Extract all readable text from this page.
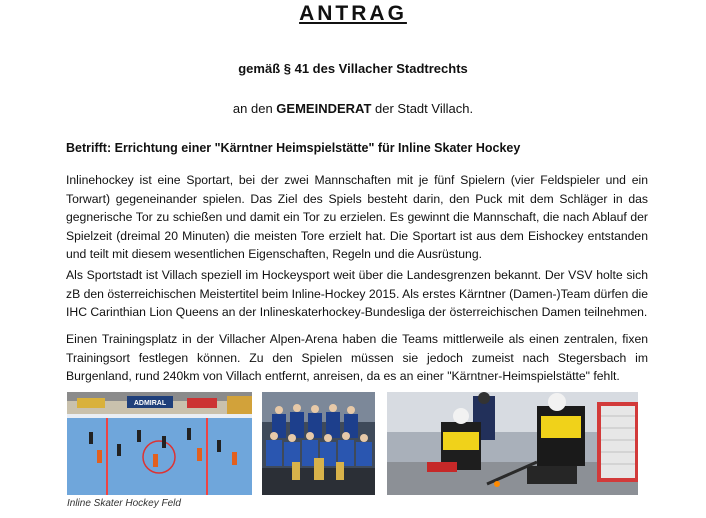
ANTRAG
gemäß § 41 des Villacher Stadtrechts
an den GEMEINDERAT der Stadt Villach.
Betrifft: Errichtung einer "Kärntner Heimspielstätte" für Inline Skater Hockey

Inlinehockey ist eine Sportart, bei der zwei Mannschaften mit je fünf Spielern (vier Feldspieler und ein Torwart) gegeneinander spielen. Das Ziel des Spiels besteht darin, den Puck mit dem Schläger in das gegnerische Tor zu schießen und damit ein Tor zu erzielen. Es gewinnt die Mannschaft, die nach Ablauf der Spielzeit (dreimal 20 Minuten) die meisten Tore erzielt hat. Die Sportart ist aus dem Eishockey entstanden und teilt mit diesem wesentlichen Eigenschaften, Regeln und die Ausrüstung.

Als Sportstadt ist Villach speziell im Hockeysport weit über die Landesgrenzen bekannt. Der VSV holte sich zB den österreichischen Meistertitel beim Inline-Hockey 2015. Als erstes Kärntner (Damen-)Team dürfen die IHC Carinthian Lion Queens an der Inlineskaterhockey-Bundesliga der österreichischen Damen teilnehmen.

Einen Trainingsplatz in der Villacher Alpen-Arena haben die Teams mittlerweile als einen zentralen, fixen Trainingsort festlegen können. Zu den Spielen müssen sie jedoch zumeist nach Stegersbach im Burgenland, rund 240km von Villach entfernt, anreisen, da es an einer "Kärntner-Heimspielstätte" fehlt.

ADMIRAL
Inline Skater Hockey Feld
